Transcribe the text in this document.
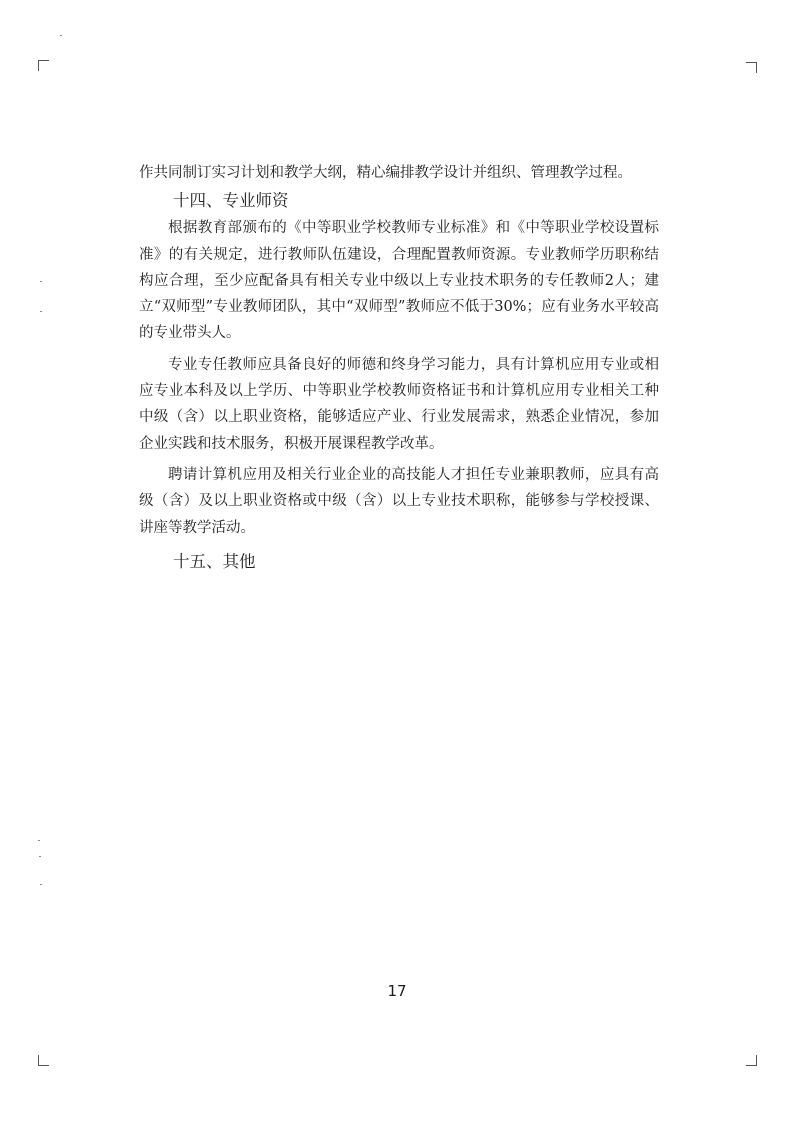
作共同制订实习计划和教学大纲，精心编排教学设计并组织、管理教学过程。

十四、专业师资

根据教育部颁布的《中等职业学校教师专业标准》和《中等职业学校设置标准》的有关规定，进行教师队伍建设，合理配置教师资源。专业教师学历职称结构应合理，至少应配备具有相关专业中级以上专业技术职务的专任教师2人；建立“双师型”专业教师团队，其中“双师型”教师应不低于30%；应有业务水平较高的专业带头人。

专业专任教师应具备良好的师德和终身学习能力，具有计算机应用专业或相应专业本科及以上学历、中等职业学校教师资格证书和计算机应用专业相关工种中级（含）以上职业资格，能够适应产业、行业发展需求，熟悉企业情况，参加企业实践和技术服务，积极开展课程教学改革。

聘请计算机应用及相关行业企业的高技能人才担任专业兼职教师，应具有高级（含）及以上职业资格或中级（含）以上专业技术职称，能够参与学校授课、讲座等教学活动。

十五、其他
17
